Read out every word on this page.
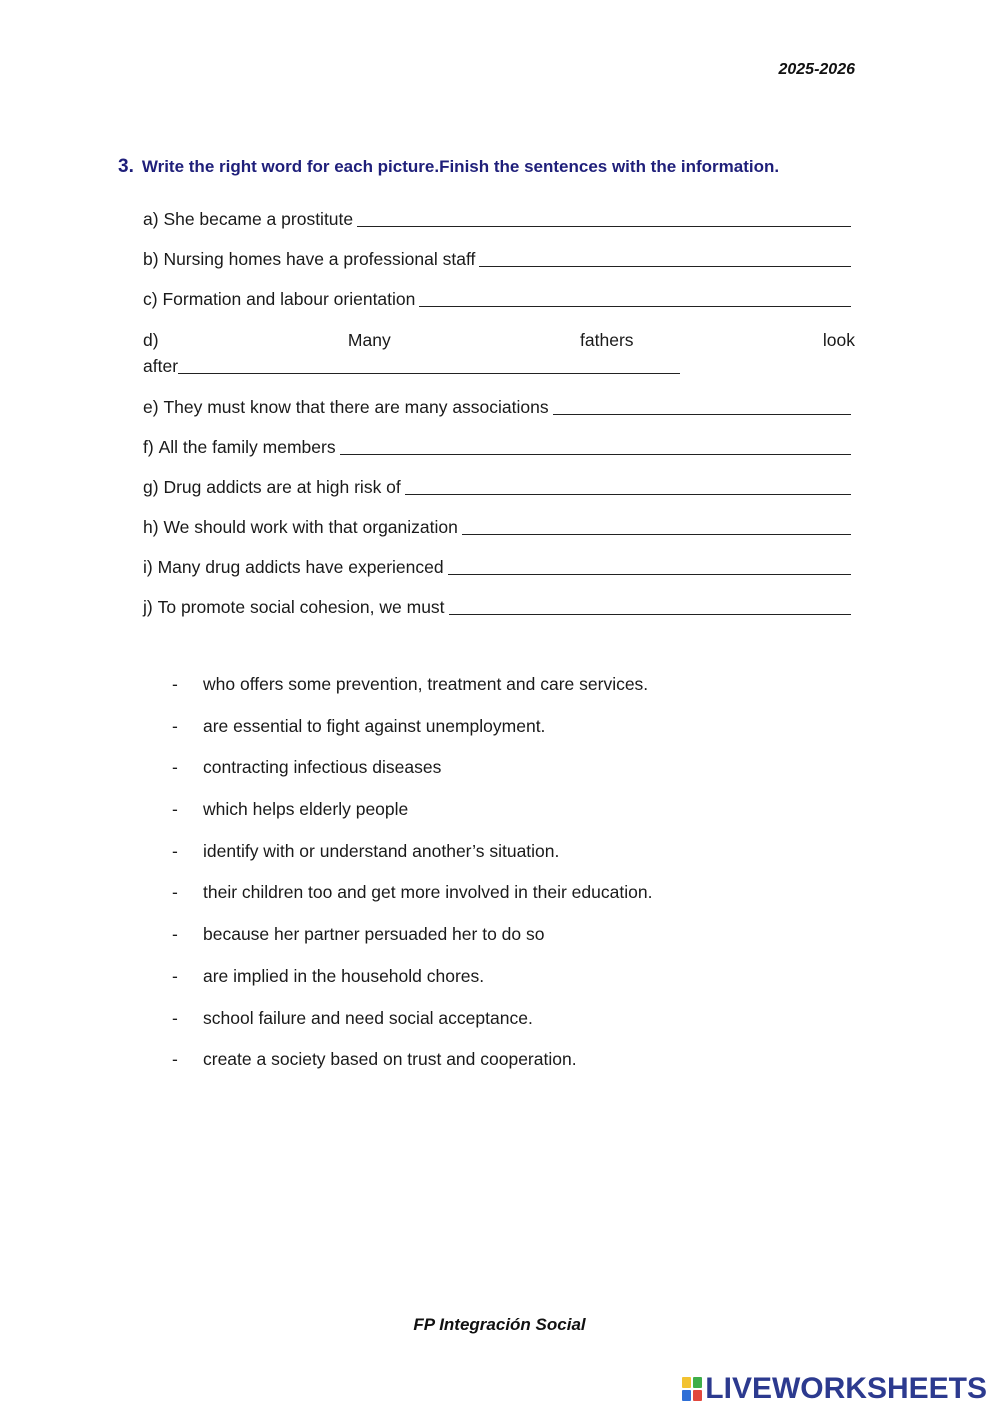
2025-2026
3. Write the right word for each picture.Finish the sentences with the information.
a)
She became a prostitute
b)
Nursing homes have a professional staff
c)
Formation and labour orientation
d)	Many	fathers	look
after
e)
They must know that there are many associations
f)
All the family members
g)
Drug addicts are at high risk of
h)
We should work with that organization
i)
Many drug addicts have experienced
j)
To promote social cohesion, we must
-	who offers some prevention, treatment and care services.
-	are essential to fight against unemployment.
-	contracting infectious diseases
-	which helps elderly people
-	identify with or understand another’s situation.
-	their children too and get more involved in their education.
-	because her partner persuaded her to do so
-	are implied in the household chores.
-	school failure and need social acceptance.
-	create a society based on trust and cooperation.
FP Integración Social
LIVEWORKSHEETS
